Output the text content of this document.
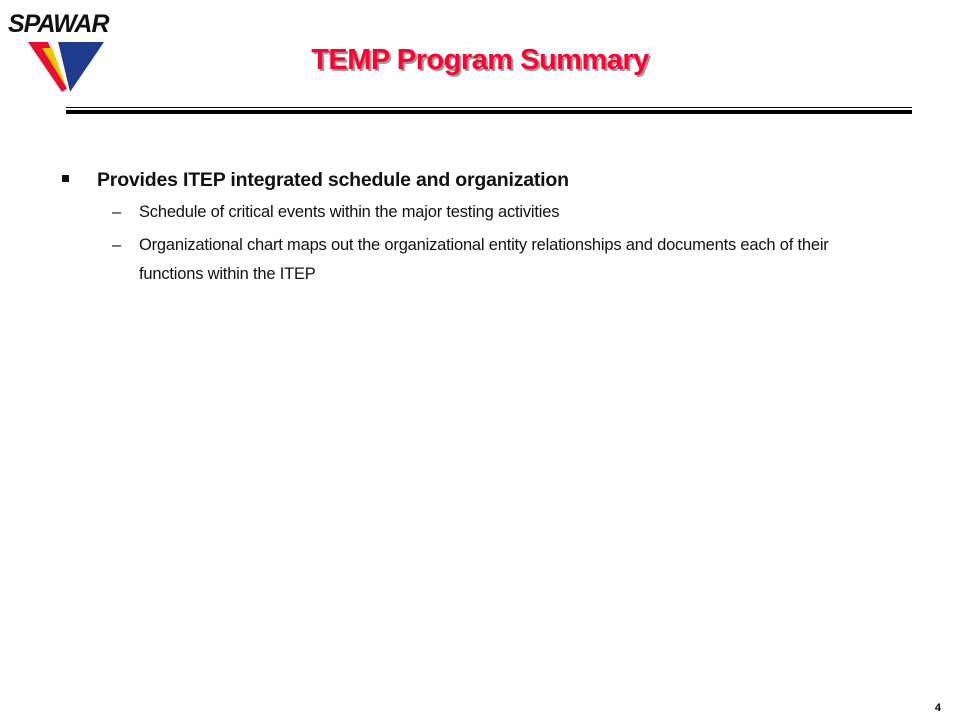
SPAWAR
TEMP Program Summary
Provides ITEP integrated schedule and organization
– Schedule of critical events within the major testing activities
– Organizational chart maps out the organizational entity relationships and documents each of their functions within the ITEP
4
